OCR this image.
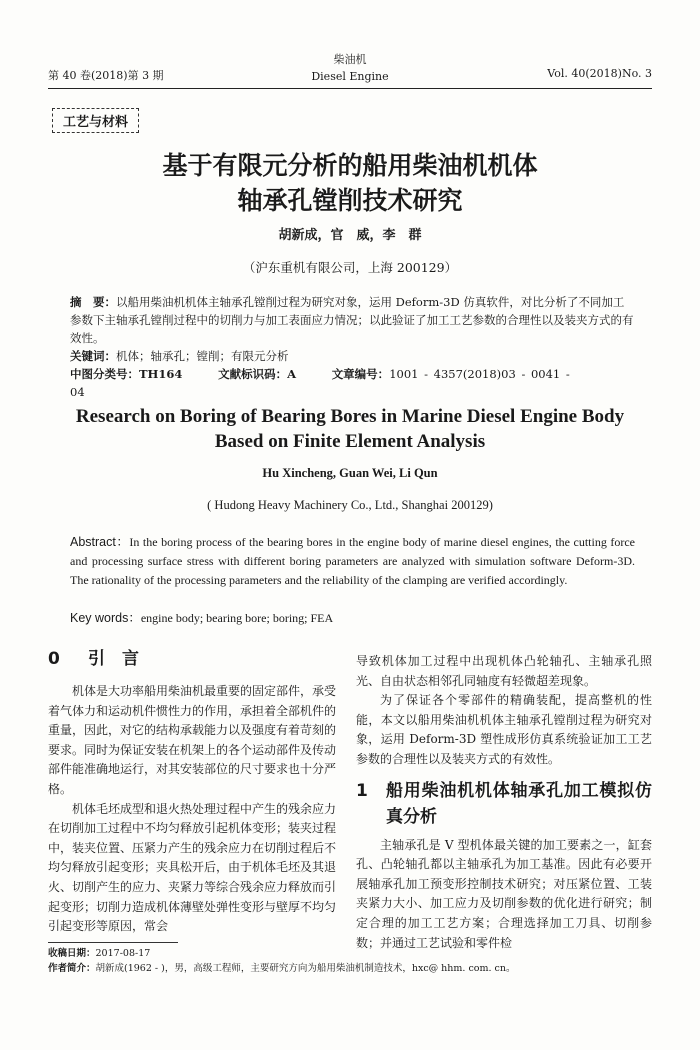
第 40 卷(2018)第 3 期
柴油机
Diesel Engine	Vol. 40(2018)No. 3
工艺与材料
基于有限元分析的船用柴油机机体
轴承孔镗削技术研究
胡新成，官　威，李　群
（沪东重机有限公司，上海 200129）
摘　要：以船用柴油机机体主轴承孔镗削过程为研究对象，运用 Deform-3D 仿真软件，对比分析了不同加工参数下主轴承孔镗削过程中的切削力与加工表面应力情况；以此验证了加工工艺参数的合理性以及装夹方式的有效性。
关键词：机体；轴承孔；镗削；有限元分析
中图分类号：TH164	文献标识码：A	文章编号：1001 - 4357(2018)03 - 0041 - 04
Research on Boring of Bearing Bores in Marine Diesel Engine Body
Based on Finite Element Analysis
Hu Xincheng, Guan Wei, Li Qun
( Hudong Heavy Machinery Co., Ltd., Shanghai 200129)
Abstract：In the boring process of the bearing bores in the engine body of marine diesel engines, the cutting force and processing surface stress with different boring parameters are analyzed with simulation software Deform-3D. The rationality of the processing parameters and the reliability of the clamping are verified accordingly.
Key words：engine body; bearing bore; boring; FEA
0 引　言

机体是大功率船用柴油机最重要的固定部件，承受着气体力和运动机件惯性力的作用，承担着全部机件的重量，因此，对它的结构承载能力以及强度有着苛刻的要求。同时为保证安装在机架上的各个运动部件及传动部件能准确地运行，对其安装部位的尺寸要求也十分严格。

机体毛坯成型和退火热处理过程中产生的残余应力在切削加工过程中不均匀释放引起机体变形；装夹过程中，装夹位置、压紧力产生的残余应力在切削过程后不均匀释放引起变形；夹具松开后，由于机体毛坯及其退火、切削产生的应力、夹紧力等综合残余应力释放而引起变形；切削力造成机体薄壁处弹性变形与壁厚不均匀引起变形等原因，常会

导致机体加工过程中出现机体凸轮轴孔、主轴承孔照光、自由状态相邻孔同轴度有轻微超差现象。

为了保证各个零部件的精确装配，提高整机的性能，本文以船用柴油机机体主轴承孔镗削过程为研究对象，运用 Deform-3D 塑性成形仿真系统验证加工工艺参数的合理性以及装夹方式的有效性。

1	船用柴油机机体轴承孔加工模拟仿真分析

主轴承孔是 V 型机体最关键的加工要素之一，缸套孔、凸轮轴孔都以主轴承孔为加工基准。因此有必要开展轴承孔加工预变形控制技术研究；对压紧位置、工装夹紧力大小、加工应力及切削参数的优化进行研究；制定合理的加工工艺方案；合理选择加工刀具、切削参数；并通过工艺试验和零件检

收稿日期：2017-08-17
作者简介：胡新成(1962 - )，男，高级工程师，主要研究方向为船用柴油机制造技术，hxc@ hhm. com. cn。
